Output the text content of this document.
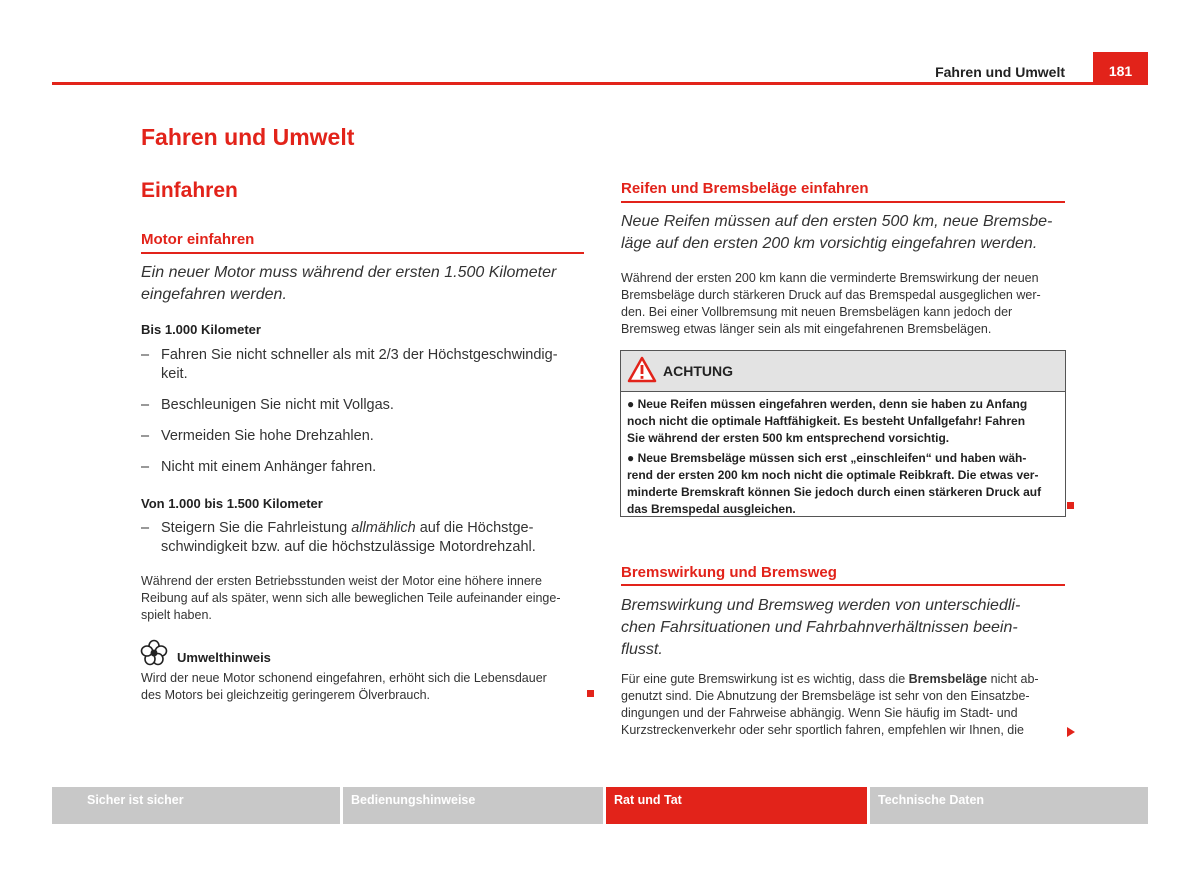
Fahren und Umwelt	181
Fahren und Umwelt
Einfahren
Motor einfahren
Ein neuer Motor muss während der ersten 1.500 Kilometer
eingefahren werden.
Bis 1.000 Kilometer
– Fahren Sie nicht schneller als mit 2/3 der Höchstgeschwindig-
keit.
– Beschleunigen Sie nicht mit Vollgas.
– Vermeiden Sie hohe Drehzahlen.
– Nicht mit einem Anhänger fahren.
Von 1.000 bis 1.500 Kilometer
– Steigern Sie die Fahrleistung allmählich auf die Höchstge-
schwindigkeit bzw. auf die höchstzulässige Motordrehzahl.
Während der ersten Betriebsstunden weist der Motor eine höhere innere
Reibung auf als später, wenn sich alle beweglichen Teile aufeinander einge-
spielt haben.
Umwelthinweis
Wird der neue Motor schonend eingefahren, erhöht sich die Lebensdauer
des Motors bei gleichzeitig geringerem Ölverbrauch.
Reifen und Bremsbeläge einfahren
Neue Reifen müssen auf den ersten 500 km, neue Bremsbe-
läge auf den ersten 200 km vorsichtig eingefahren werden.
Während der ersten 200 km kann die verminderte Bremswirkung der neuen
Bremsbeläge durch stärkeren Druck auf das Bremspedal ausgeglichen wer-
den. Bei einer Vollbremsung mit neuen Bremsbelägen kann jedoch der
Bremsweg etwas länger sein als mit eingefahrenen Bremsbelägen.
ACHTUNG
● Neue Reifen müssen eingefahren werden, denn sie haben zu Anfang
noch nicht die optimale Haftfähigkeit. Es besteht Unfallgefahr! Fahren
Sie während der ersten 500 km entsprechend vorsichtig.
● Neue Bremsbeläge müssen sich erst „einschleifen“ und haben wäh-
rend der ersten 200 km noch nicht die optimale Reibkraft. Die etwas ver-
minderte Bremskraft können Sie jedoch durch einen stärkeren Druck auf
das Bremspedal ausgleichen.
Bremswirkung und Bremsweg
Bremswirkung und Bremsweg werden von unterschiedli-
chen Fahrsituationen und Fahrbahnverhältnissen beein-
flusst.
Für eine gute Bremswirkung ist es wichtig, dass die Bremsbeläge nicht ab-
genutzt sind. Die Abnutzung der Bremsbeläge ist sehr von den Einsatzbe-
dingungen und der Fahrweise abhängig. Wenn Sie häufig im Stadt- und
Kurzstreckenverkehr oder sehr sportlich fahren, empfehlen wir Ihnen, die
Sicher ist sicher	Bedienungshinweise	Rat und Tat	Technische Daten
